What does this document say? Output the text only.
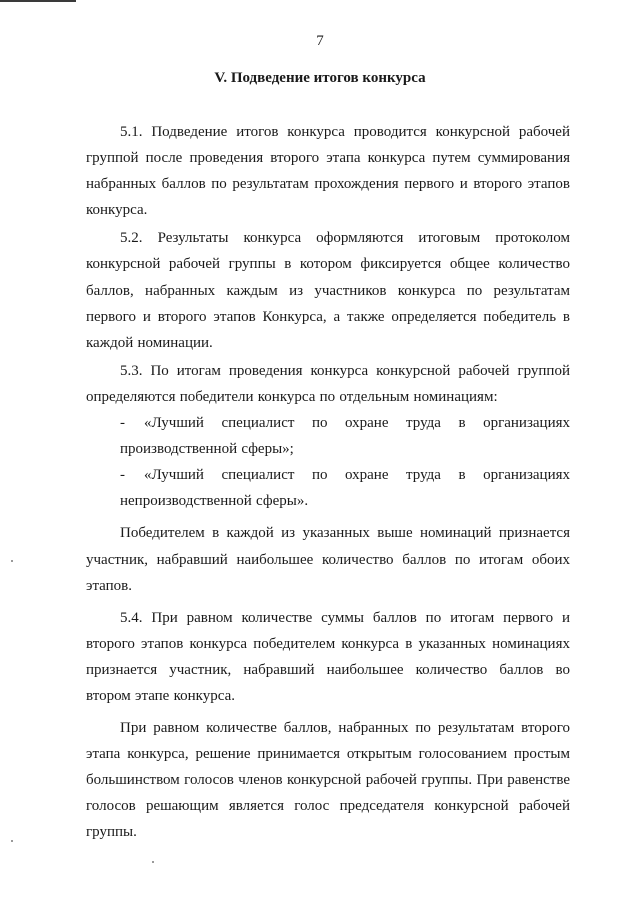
7
V. Подведение итогов конкурса

5.1. Подведение итогов конкурса проводится конкурсной рабочей группой после проведения второго этапа конкурса путем суммирования набранных баллов по результатам прохождения первого и второго этапов конкурса.

5.2. Результаты конкурса оформляются итоговым протоколом конкурсной рабочей группы в котором фиксируется общее количество баллов, набранных каждым из участников конкурса по результатам первого и второго этапов Конкурса, а также определяется победитель в каждой номинации.

5.3. По итогам проведения конкурса конкурсной рабочей группой определяются победители конкурса по отдельным номинациям:

-	«Лучший специалист по охране труда в организациях

производственной сферы»;

-	«Лучший специалист по охране труда в организациях

непроизводственной сферы».

Победителем в каждой из указанных выше номинаций признается участник, набравший наибольшее количество баллов по итогам обоих этапов.

5.4. При равном количестве суммы баллов по итогам первого и второго этапов конкурса победителем конкурса в указанных номинациях признается участник, набравший наибольшее количество баллов во втором этапе конкурса.

При равном количестве баллов, набранных по результатам второго этапа конкурса, решение принимается открытым голосованием простым большинством голосов членов конкурсной рабочей группы. При равенстве голосов решающим является голос председателя конкурсной рабочей группы.
